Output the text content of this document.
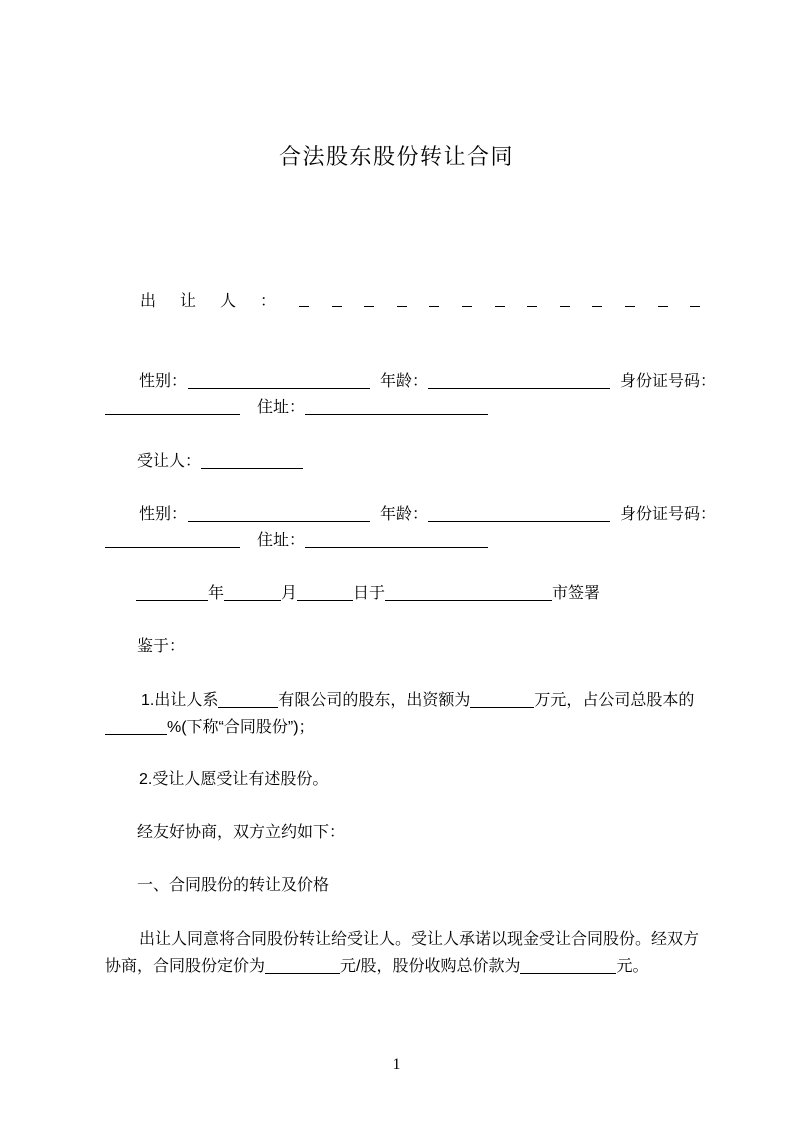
合法股东股份转让合同
出让人：
性别：	年龄：	身份证号码：
住址：
受让人：
性别：	年龄：	身份证号码：
住址：
年	月	日于	市签署
鉴于：
1.出让人系	有限公司的股东，出资额为	万元，占公司总股本的
%(下称“合同股份”)；
2.受让人愿受让有述股份。
经友好协商，双方立约如下：
一、合同股份的转让及价格
出让人同意将合同股份转让给受让人。受让人承诺以现金受让合同股份。经双方
协商，合同股份定价为	元/股，股份收购总价款为	元。
1
